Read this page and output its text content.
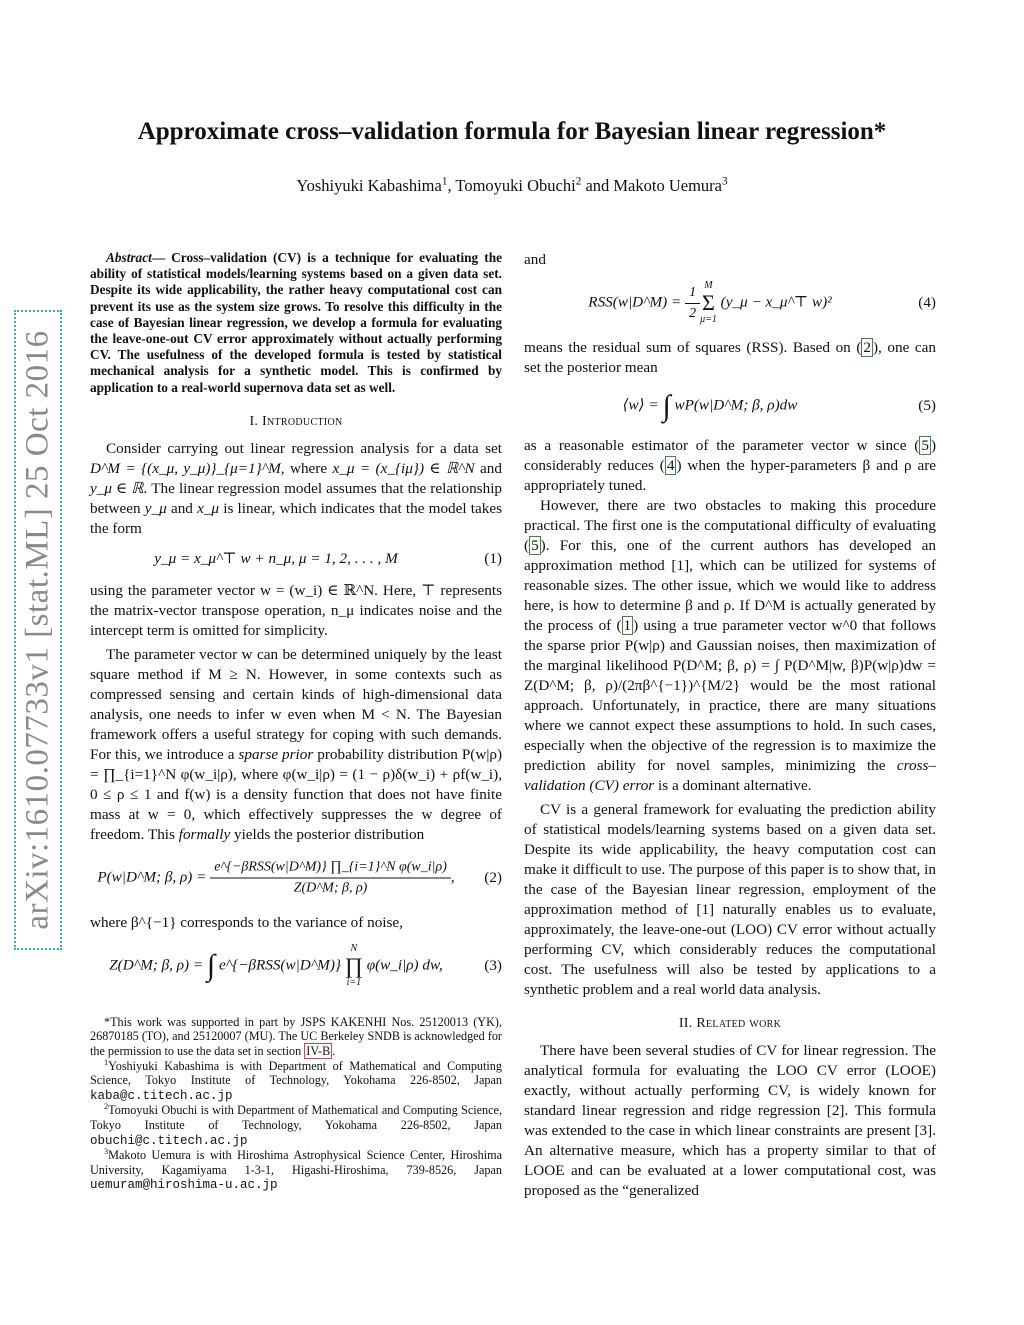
arXiv:1610.07733v1 [stat.ML] 25 Oct 2016
Approximate cross–validation formula for Bayesian linear regression*
Yoshiyuki Kabashima$^1$, Tomoyuki Obuchi$^2$ and Makoto Uemura$^3$

Abstract— Cross–validation (CV) is a technique for evaluating the ability of statistical models/learning systems based on a given data set. Despite its wide applicability, the rather heavy computational cost can prevent its use as the system size grows. To resolve this difficulty in the case of Bayesian linear regression, we develop a formula for evaluating the leave-one-out CV error approximately without actually performing CV. The usefulness of the developed formula is tested by statistical mechanical analysis for a synthetic model. This is confirmed by application to a real-world supernova data set as well.

I. Introduction

Consider carrying out linear regression analysis for a data set D^M = {(x_μ, y_μ)}_{μ=1}^M, where x_μ = (x_{iμ}) ∈ ℝ^N and y_μ ∈ ℝ. The linear regression model assumes that the relationship between y_μ and x_μ is linear, which indicates that the model takes the form

y_μ = x_μ^⊤ w + n_μ, μ = 1, 2, . . . , M	(1)

using the parameter vector w = (w_i) ∈ ℝ^N. Here, ⊤ represents the matrix-vector transpose operation, n_μ indicates noise and the intercept term is omitted for simplicity.

The parameter vector w can be determined uniquely by the least square method if M ≥ N. However, in some contexts such as compressed sensing and certain kinds of high-dimensional data analysis, one needs to infer w even when M < N. The Bayesian framework offers a useful strategy for coping with such demands. For this, we introduce a sparse prior probability distribution P(w|ρ) = ∏_{i=1}^N φ(w_i|ρ), where φ(w_i|ρ) = (1 − ρ)δ(w_i) + ρf(w_i), 0 ≤ ρ ≤ 1 and f(w) is a density function that does not have finite mass at w = 0, which effectively suppresses the w degree of freedom. This formally yields the posterior distribution

P(w|D^M; β, $\rho) = \frac{\text{e\textasciicircum{}\{−βRSS(w|D\textasciicircum{}M)\} ∏\_\{i=1\}\textasciicircum{}N φ(w\_i|ρ)}}{Z(D\^{}M; \beta, \rho)}$ ,	(2)

where β^{−1} corresponds to the variance of noise,

Z(D^M; β, ρ) = ∫ e^{−βRSS(w|D^M)}
N
∏
i=1
φ(w_i|ρ) dw,	(3)
*This work was supported in part by JSPS KAKENHI Nos. 25120013 (YK), 26870185 (TO), and 25120007 (MU). The UC Berkeley SNDB is acknowledged for the permission to use the data set in section IV-B .
$^1$Yoshiyuki Kabashima is with Department of Mathematical and Computing Science, Tokyo Institute of Technology, Yokohama 226-8502, Japan kaba@c.titech.ac.jp
$^2$Tomoyuki Obuchi is with Department of Mathematical and Computing Science, Tokyo Institute of Technology, Yokohama 226-8502, Japan obuchi@c.titech.ac.jp
$^3$Makoto Uemura is with Hiroshima Astrophysical Science Center, Hiroshima University, Kagamiyama 1-3-1, Higashi-Hiroshima, 739-8526, Japan uemuram@hiroshima-u.ac.jp

and

RSS(w|D^M) = $\frac{1}{2}$ M
Σ
μ=1
(y_μ − x_μ^⊤ w)²	(4)

means the residual sum of squares (RSS). Based on ( 2 ), one can set the posterior mean

⟨w⟩ = ∫ wP(w|D^M; β, ρ)dw	(5)

as a reasonable estimator of the parameter vector w since ( 5 ) considerably reduces ( 4 ) when the hyper-parameters β and ρ are appropriately tuned.

However, there are two obstacles to making this procedure practical. The first one is the computational difficulty of evaluating ( 5 ). For this, one of the current authors has developed an approximation method [1], which can be utilized for systems of reasonable sizes. The other issue, which we would like to address here, is how to determine β and ρ. If D^M is actually generated by the process of ( 1 ) using a true parameter vector w^0 that follows the sparse prior P(w|ρ) and Gaussian noises, then maximization of the marginal likelihood P(D^M; β, ρ) = ∫ P(D^M|w, β)P(w|ρ)dw = Z(D^M; β, ρ)/(2πβ^{−1})^{M/2} would be the most rational approach. Unfortunately, in practice, there are many situations where we cannot expect these assumptions to hold. In such cases, especially when the objective of the regression is to maximize the prediction ability for novel samples, minimizing the cross–validation (CV) error is a dominant alternative.

CV is a general framework for evaluating the prediction ability of statistical models/learning systems based on a given data set. Despite its wide applicability, the heavy computation cost can make it difficult to use. The purpose of this paper is to show that, in the case of the Bayesian linear regression, employment of the approximation method of [1] naturally enables us to evaluate, approximately, the leave-one-out (LOO) CV error without actually performing CV, which considerably reduces the computational cost. The usefulness will also be tested by applications to a synthetic problem and a real world data analysis.

II. Related work

There have been several studies of CV for linear regression. The analytical formula for evaluating the LOO CV error (LOOE) exactly, without actually performing CV, is widely known for standard linear regression and ridge regression [2]. This formula was extended to the case in which linear constraints are present [3]. An alternative measure, which has a property similar to that of LOOE and can be evaluated at a lower computational cost, was proposed as the “generalized
